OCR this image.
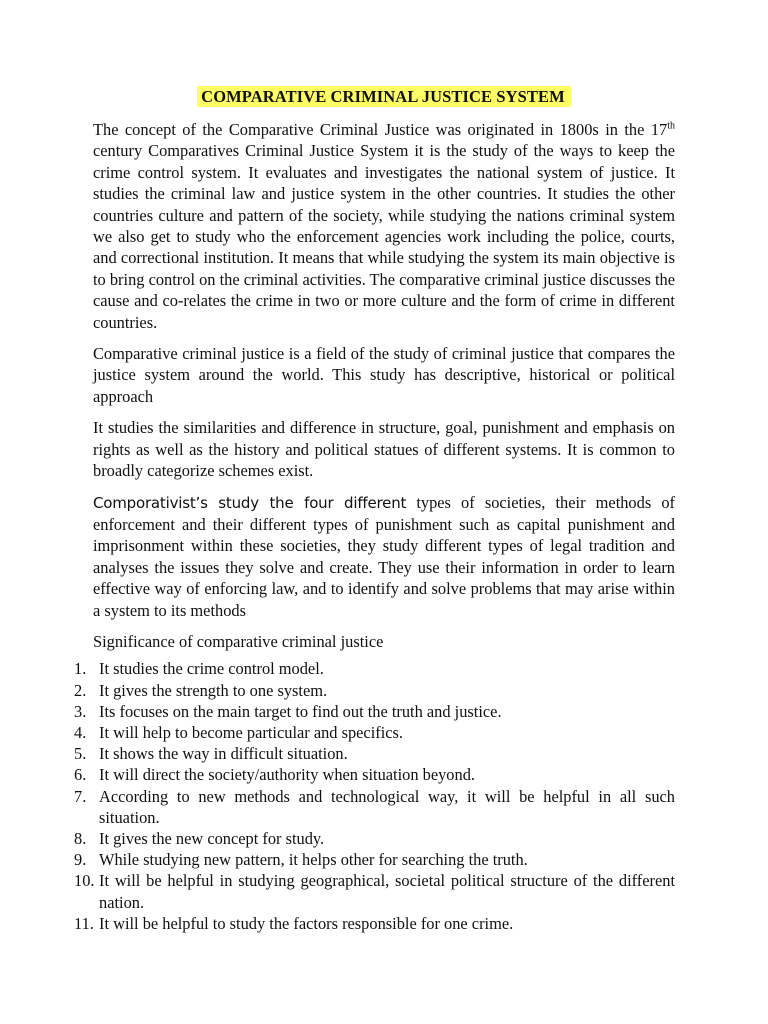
COMPARATIVE CRIMINAL JUSTICE SYSTEM

The concept of the Comparative Criminal Justice was originated in 1800s in the 17th century Comparatives Criminal Justice System it is the study of the ways to keep the crime control system. It evaluates and investigates the national system of justice. It studies the criminal law and justice system in the other countries. It studies the other countries culture and pattern of the society, while studying the nations criminal system we also get to study who the enforcement agencies work including the police, courts, and correctional institution. It means that while studying the system its main objective is to bring control on the criminal activities. The comparative criminal justice discusses the cause and co-relates the crime in two or more culture and the form of crime in different countries.

Comparative criminal justice is a field of the study of criminal justice that compares the justice system around the world. This study has descriptive, historical or political approach

It studies the similarities and difference in structure, goal, punishment and emphasis on rights as well as the history and political statues of different systems. It is common to broadly categorize schemes exist.

Comporativist’s study the four different types of societies, their methods of enforcement and their different types of punishment such as capital punishment and imprisonment within these societies, they study different types of legal tradition and analyses the issues they solve and create. They use their information in order to learn effective way of enforcing law, and to identify and solve problems that may arise within a system to its methods

Significance of comparative criminal justice

1. It studies the crime control model.
2. It gives the strength to one system.
3. Its focuses on the main target to find out the truth and justice.
4. It will help to become particular and specifics.
5. It shows the way in difficult situation.
6. It will direct the society/authority when situation beyond.
7. According to new methods and technological way, it will be helpful in all such situation.
8. It gives the new concept for study.
9. While studying new pattern, it helps other for searching the truth.
10. It will be helpful in studying geographical, societal political structure of the different nation.
11. It will be helpful to study the factors responsible for one crime.
